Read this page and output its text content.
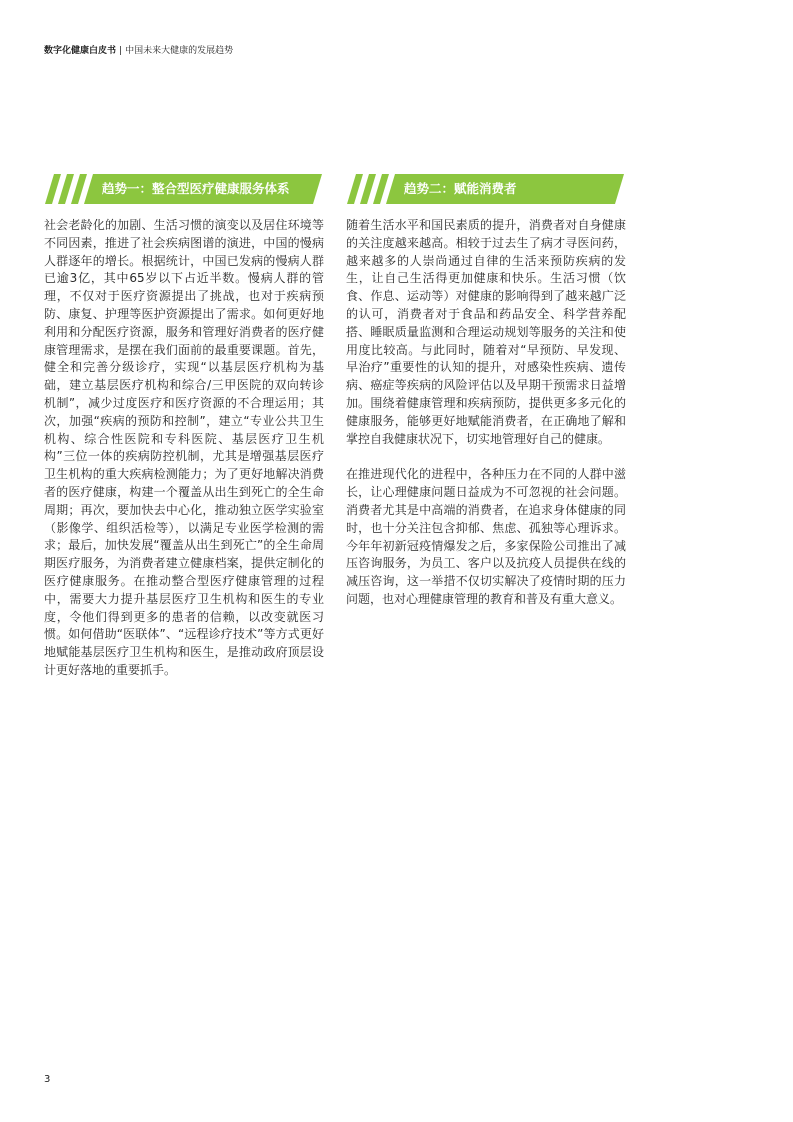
数字化健康白皮书 | 中国未来大健康的发展趋势
趋势一：整合型医疗健康服务体系	趋势二：赋能消费者

社会老龄化的加剧、生活习惯的演变以及居住环境等不同因素，推进了社会疾病图谱的演进，中国的慢病人群逐年的增长。根据统计，中国已发病的慢病人群已逾3亿，其中65岁以下占近半数。慢病人群的管理，不仅对于医疗资源提出了挑战，也对于疾病预防、康复、护理等医护资源提出了需求。如何更好地利用和分配医疗资源，服务和管理好消费者的医疗健康管理需求，是摆在我们面前的最重要课题。首先，健全和完善分级诊疗，实现“以基层医疗机构为基础，建立基层医疗机构和综合/三甲医院的双向转诊机制”，减少过度医疗和医疗资源的不合理运用；其次，加强“疾病的预防和控制”，建立“专业公共卫生机构、综合性医院和专科医院、基层医疗卫生机构”三位一体的疾病防控机制，尤其是增强基层医疗卫生机构的重大疾病检测能力；为了更好地解决消费者的医疗健康，构建一个覆盖从出生到死亡的全生命周期；再次，要加快去中心化，推动独立医学实验室（影像学、组织活检等），以满足专业医学检测的需求；最后，加快发展“覆盖从出生到死亡”的全生命周期医疗服务，为消费者建立健康档案，提供定制化的医疗健康服务。在推动整合型医疗健康管理的过程中，需要大力提升基层医疗卫生机构和医生的专业度，令他们得到更多的患者的信赖，以改变就医习惯。如何借助“医联体”、“远程诊疗技术”等方式更好地赋能基层医疗卫生机构和医生，是推动政府顶层设计更好落地的重要抓手。

随着生活水平和国民素质的提升，消费者对自身健康的关注度越来越高。相较于过去生了病才寻医问药，越来越多的人崇尚通过自律的生活来预防疾病的发生，让自己生活得更加健康和快乐。生活习惯（饮食、作息、运动等）对健康的影响得到了越来越广泛的认可，消费者对于食品和药品安全、科学营养配搭、睡眠质量监测和合理运动规划等服务的关注和使用度比较高。与此同时，随着对“早预防、早发现、早治疗”重要性的认知的提升，对感染性疾病、遗传病、癌症等疾病的风险评估以及早期干预需求日益增加。围绕着健康管理和疾病预防，提供更多多元化的健康服务，能够更好地赋能消费者，在正确地了解和掌控自我健康状况下，切实地管理好自己的健康。

在推进现代化的进程中，各种压力在不同的人群中滋长，让心理健康问题日益成为不可忽视的社会问题。消费者尤其是中高端的消费者，在追求身体健康的同时，也十分关注包含抑郁、焦虑、孤独等心理诉求。今年年初新冠疫情爆发之后，多家保险公司推出了减压咨询服务，为员工、客户以及抗疫人员提供在线的减压咨询，这一举措不仅切实解决了疫情时期的压力问题，也对心理健康管理的教育和普及有重大意义。

3
